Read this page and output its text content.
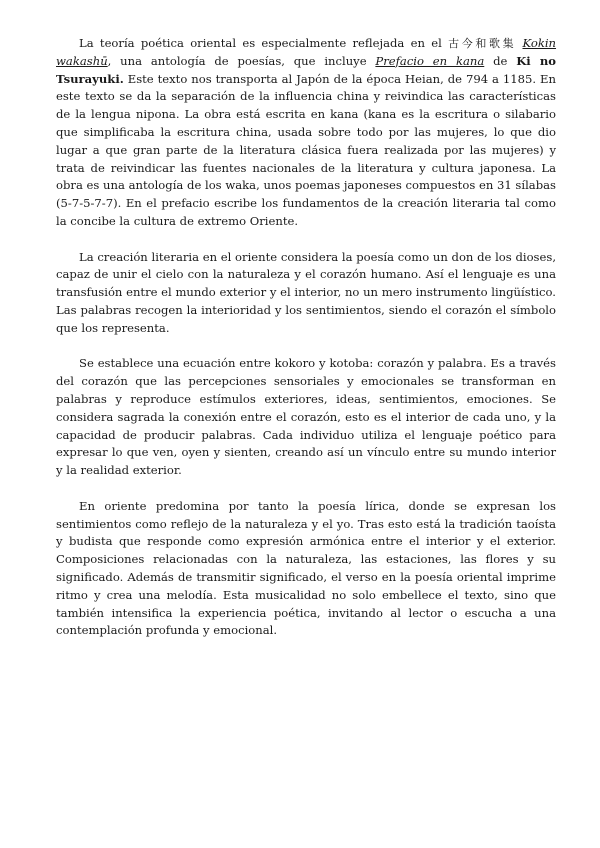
La teoría poética oriental es especialmente reflejada en el 古今和歌集 Kokin wakashū, una antología de poesías, que incluye Prefacio en kana de Ki no Tsurayuki. Este texto nos transporta al Japón de la época Heian, de 794 a 1185. En este texto se da la separación de la influencia china y reivindica las características de la lengua nipona. La obra está escrita en kana (kana es la escritura o silabario que simplificaba la escritura china, usada sobre todo por las mujeres, lo que dio lugar a que gran parte de la literatura clásica fuera realizada por las mujeres) y trata de reivindicar las fuentes nacionales de la literatura y cultura japonesa. La obra es una antología de los waka, unos poemas japoneses compuestos en 31 sílabas (5-7-5-7-7). En el prefacio escribe los fundamentos de la creación literaria tal como la concibe la cultura de extremo Oriente.

La creación literaria en el oriente considera la poesía como un don de los dioses, capaz de unir el cielo con la naturaleza y el corazón humano. Así el lenguaje es una transfusión entre el mundo exterior y el interior, no un mero instrumento lingüístico. Las palabras recogen la interioridad y los sentimientos, siendo el corazón el símbolo que los representa.

Se establece una ecuación entre kokoro y kotoba: corazón y palabra. Es a través del corazón que las percepciones sensoriales y emocionales se transforman en palabras y reproduce estímulos exteriores, ideas, sentimientos, emociones. Se considera sagrada la conexión entre el corazón, esto es el interior de cada uno, y la capacidad de producir palabras. Cada individuo utiliza el lenguaje poético para expresar lo que ven, oyen y sienten, creando así un vínculo entre su mundo interior y la realidad exterior.

En oriente predomina por tanto la poesía lírica, donde se expresan los sentimientos como reflejo de la naturaleza y el yo. Tras esto está la tradición taoísta y budista que responde como expresión armónica entre el interior y el exterior. Composiciones relacionadas con la naturaleza, las estaciones, las flores y su significado. Además de transmitir significado, el verso en la poesía oriental imprime ritmo y crea una melodía. Esta musicalidad no solo embellece el texto, sino que también intensifica la experiencia poética, invitando al lector o escucha a una contemplación profunda y emocional.
